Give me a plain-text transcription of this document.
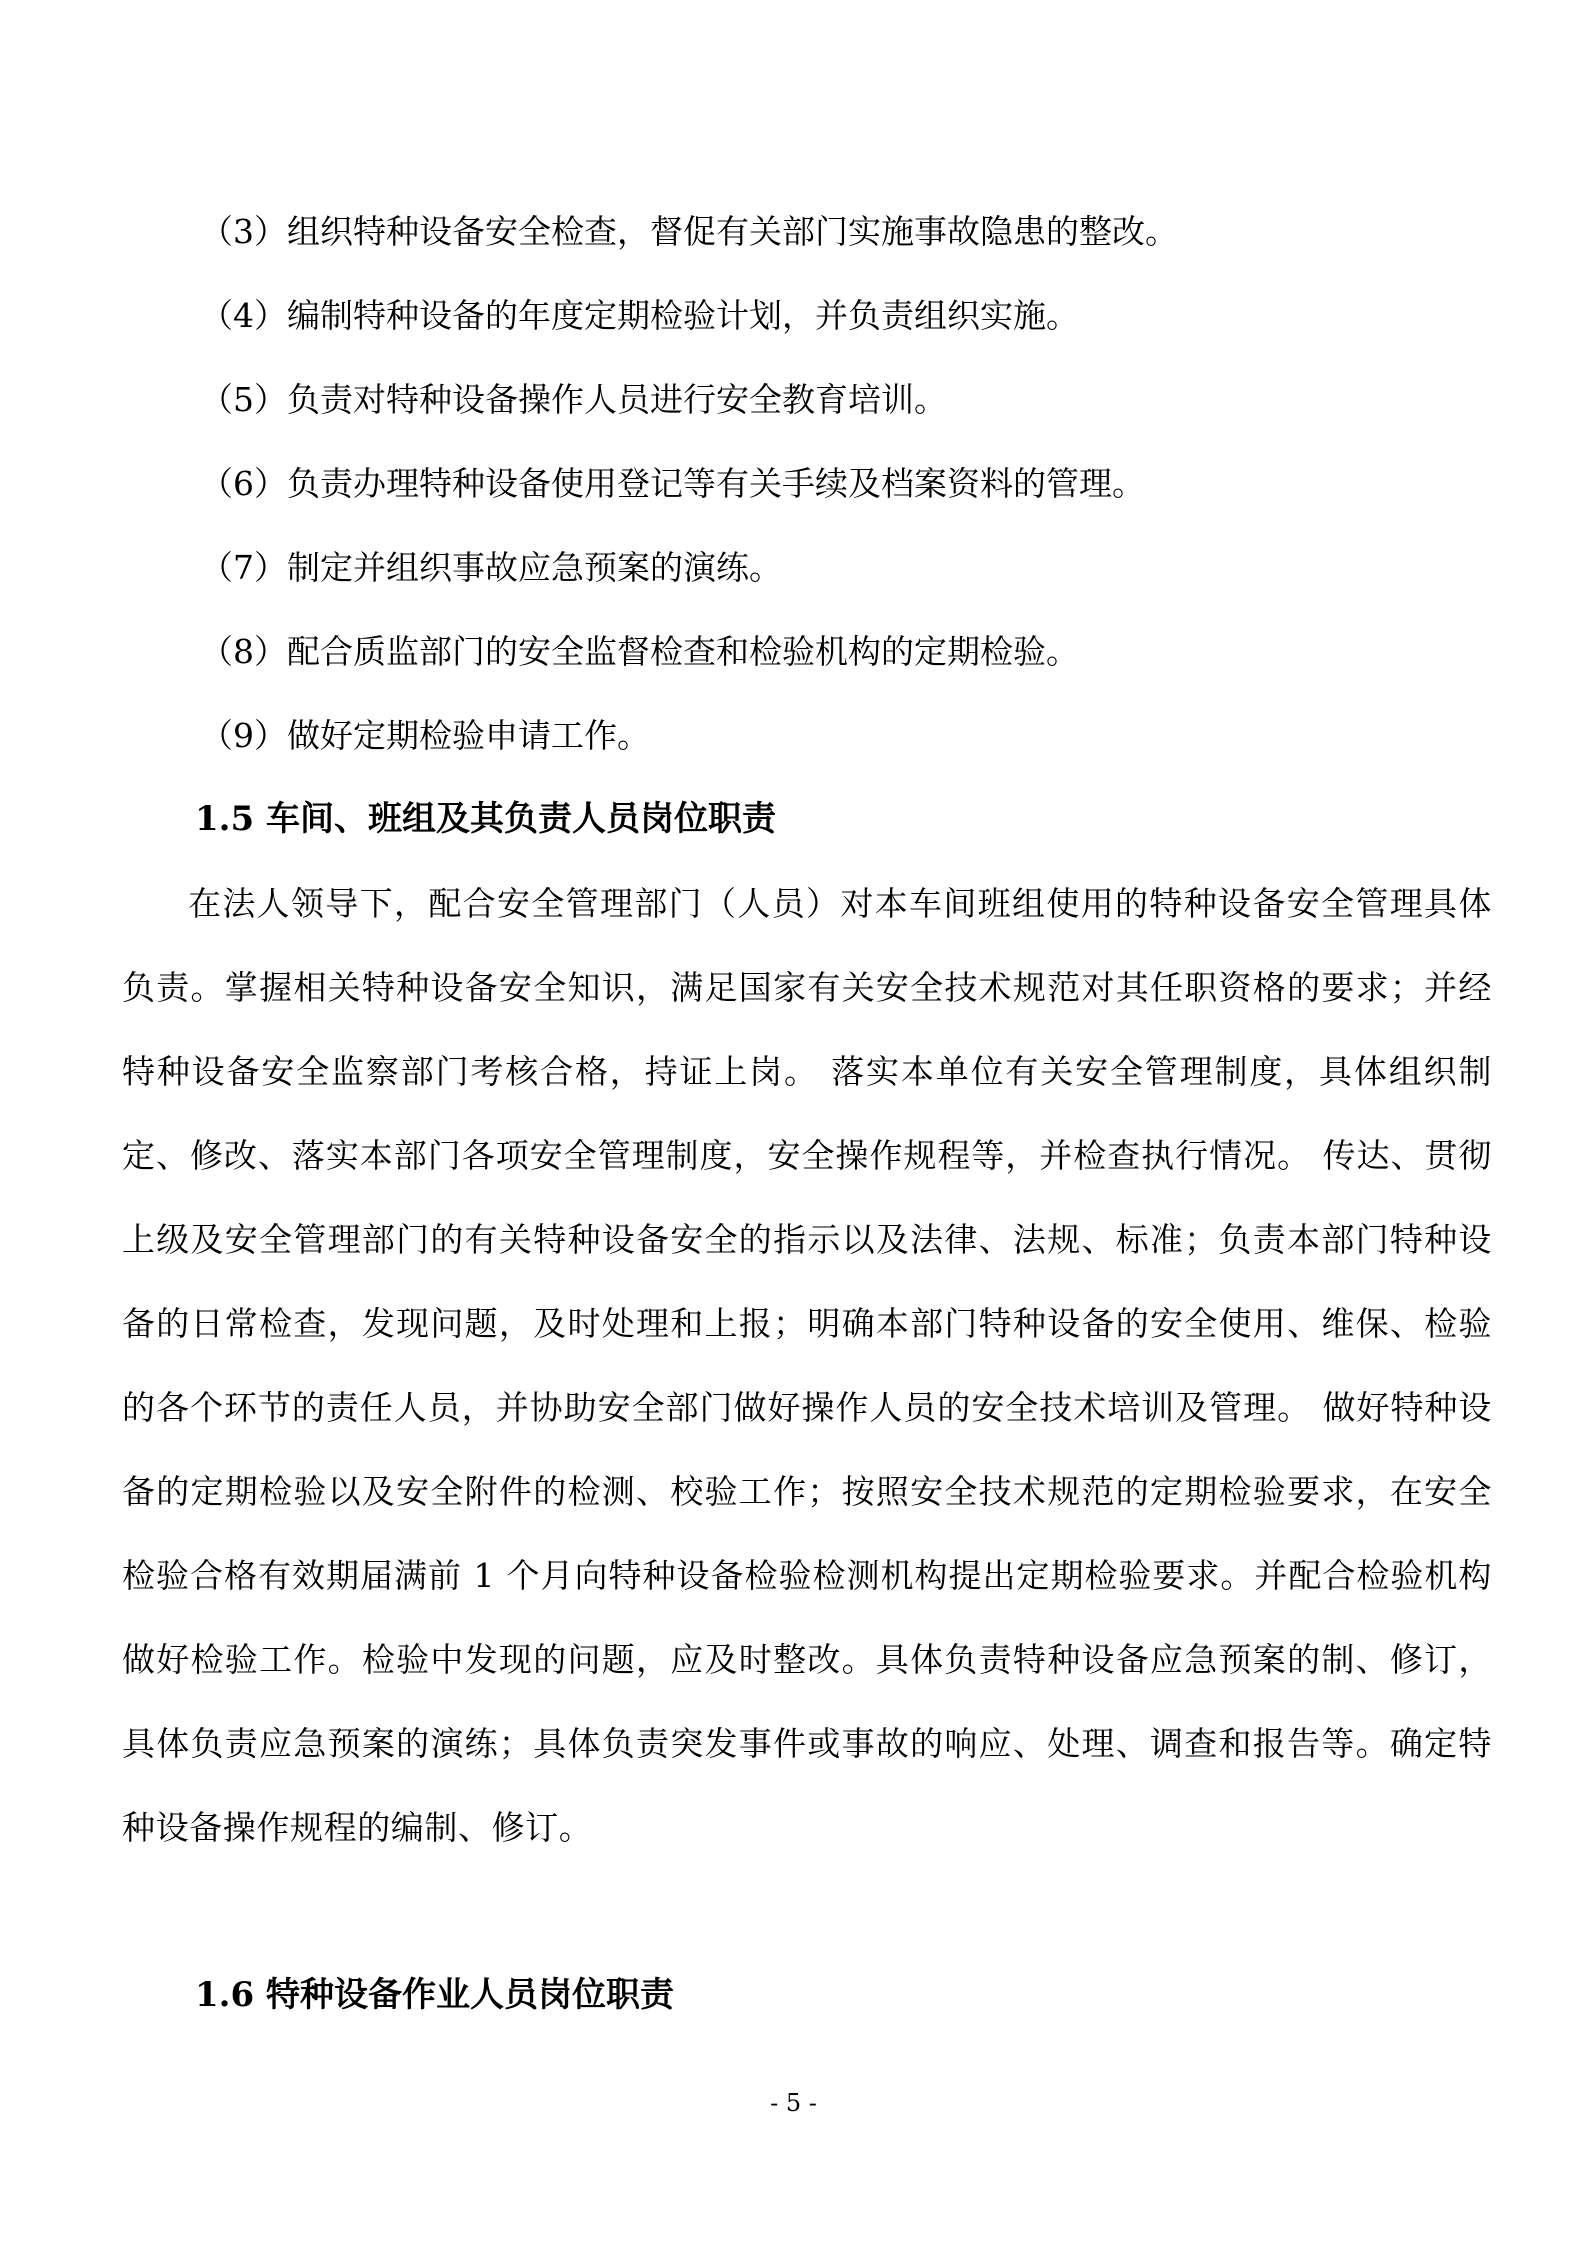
（3）组织特种设备安全检查，督促有关部门实施事故隐患的整改。

（4）编制特种设备的年度定期检验计划，并负责组织实施。

（5）负责对特种设备操作人员进行安全教育培训。

（6）负责办理特种设备使用登记等有关手续及档案资料的管理。

（7）制定并组织事故应急预案的演练。

（8）配合质监部门的安全监督检查和检验机构的定期检验。

（9）做好定期检验申请工作。

1.5 车间、班组及其负责人员岗位职责

在法人领导下，配合安全管理部门（人员）对本车间班组使用的特种设备安全管理具体负责。掌握相关特种设备安全知识，满足国家有关安全技术规范对其任职资格的要求；并经特种设备安全监察部门考核合格，持证上岗。 落实本单位有关安全管理制度，具体组织制定、修改、落实本部门各项安全管理制度，安全操作规程等，并检查执行情况。 传达、贯彻上级及安全管理部门的有关特种设备安全的指示以及法律、法规、标准；负责本部门特种设备的日常检查，发现问题，及时处理和上报；明确本部门特种设备的安全使用、维保、检验的各个环节的责任人员，并协助安全部门做好操作人员的安全技术培训及管理。 做好特种设备的定期检验以及安全附件的检测、校验工作；按照安全技术规范的定期检验要求，在安全检验合格有效期届满前 1 个月向特种设备检验检测机构提出定期检验要求。并配合检验机构做好检验工作。检验中发现的问题，应及时整改。具体负责特种设备应急预案的制、修订，具体负责应急预案的演练；具体负责突发事件或事故的响应、处理、调查和报告等。确定特种设备操作规程的编制、修订。

1.6 特种设备作业人员岗位职责
- 5 -
